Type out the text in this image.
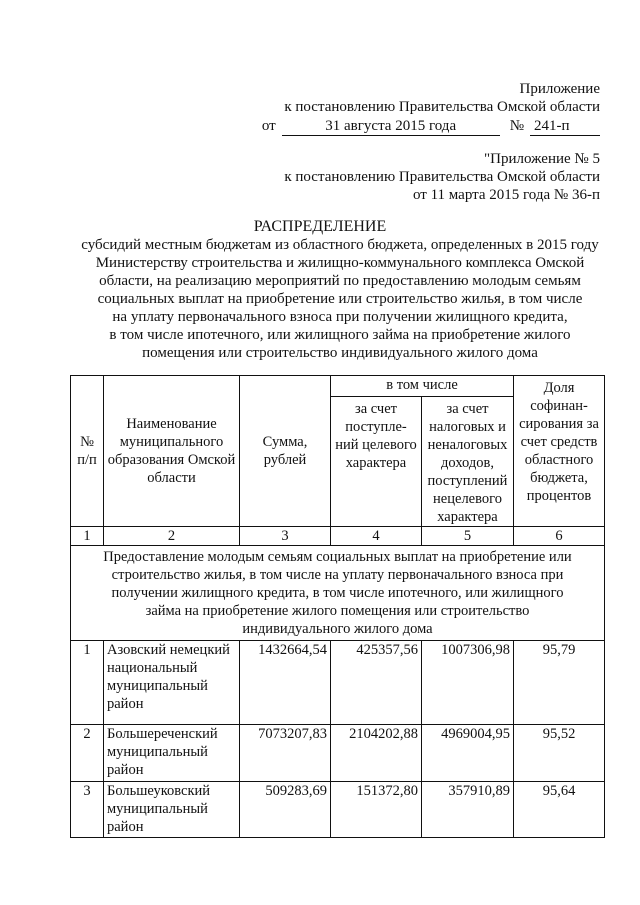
Приложение
к постановлению Правительства Омской области
от	31 августа 2015 года	№ 241-п
"Приложение № 5
к постановлению Правительства Омской области
от 11 марта 2015 года № 36-п
РАСПРЕДЕЛЕНИЕ
субсидий местным бюджетам из областного бюджета, определенных в 2015 году
Министерству строительства и жилищно-коммунального комплекса Омской
области, на реализацию мероприятий по предоставлению молодым семьям
социальных выплат на приобретение или строительство жилья, в том числе
на уплату первоначального взноса при получении жилищного кредита,
в том числе ипотечного, или жилищного займа на приобретение жилого
помещения или строительство индивидуального жилого дома
№ п/п	Наименование муниципального образования Омской области	Сумма, рублей	в том числе		Доля софинан-сирования за счет средств областного бюджета, процентов
			за счет поступле-ний целевого характера	за счет налоговых и неналоговых доходов, поступлений нецелевого характера	
1	2	3	4	5	6
Предоставление молодым семьям социальных выплат на приобретение или строительство жилья, в том числе на уплату первоначального взноса при получении жилищного кредита, в том числе ипотечного, или жилищного займа на приобретение жилого помещения или строительство индивидуального жилого дома					
1	Азовский немецкий национальный муниципальный район	1432664,54	425357,56	1007306,98	95,79
2	Большереченский муниципальный район	7073207,83	2104202,88	4969004,95	95,52
3	Большеуковский муниципальный район	509283,69	151372,80	357910,89	95,64
